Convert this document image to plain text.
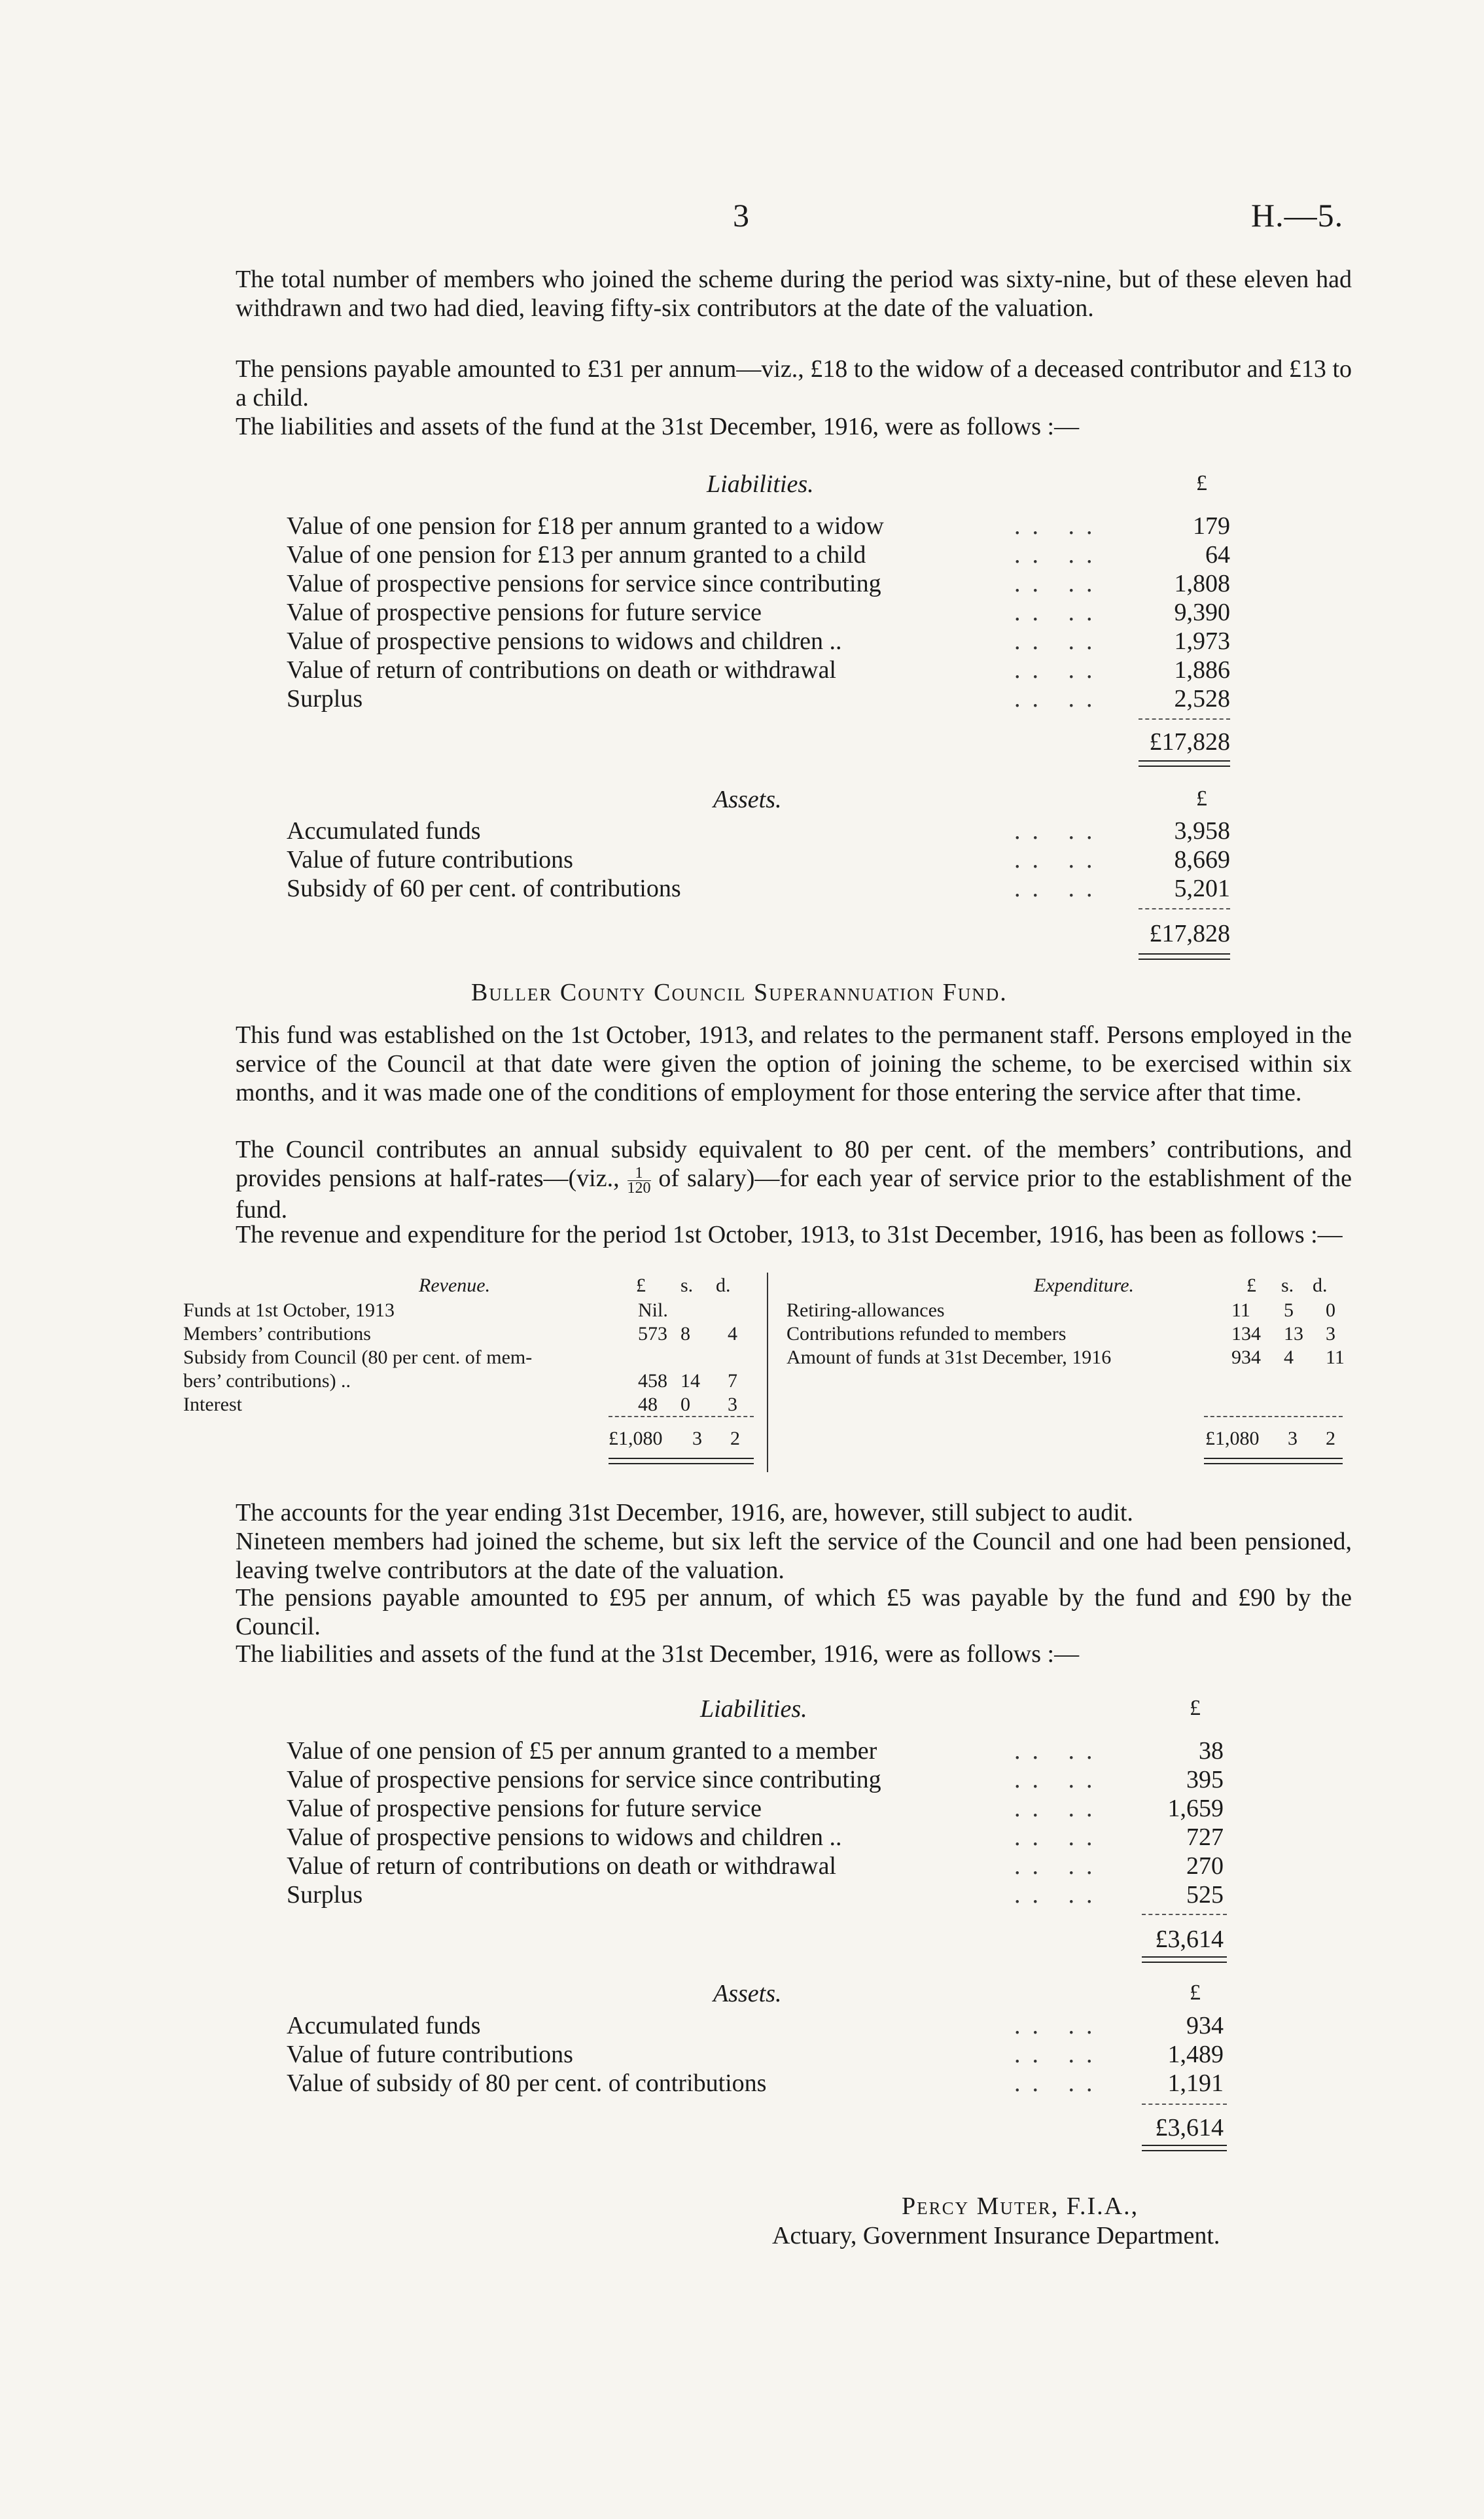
3	H.—5.

The total number of members who joined the scheme during the period was sixty-nine, but of these eleven had withdrawn and two had died, leaving fifty-six contributors at the date of the valuation.

The pensions payable amounted to £31 per annum—viz., £18 to the widow of a deceased contributor and £13 to a child.

The liabilities and assets of the fund at the 31st December, 1916, were as follows :—

Liabilities.	£
Value of one pension for £18 per annum granted to a widow	.. ..	179
Value of one pension for £13 per annum granted to a child	.. ..	64
Value of prospective pensions for service since contributing	.. ..	1,808
Value of prospective pensions for future service	.. ..	9,390
Value of prospective pensions to widows and children ..	.. ..	1,973
Value of return of contributions on death or withdrawal	.. ..	1,886
Surplus	.. ..	2,528
£17,828
Assets.	£
Accumulated funds	.. ..	3,958
Value of future contributions	.. ..	8,669
Subsidy of 60 per cent. of contributions	.. ..	5,201
£17,828
Buller County Council Superannuation Fund.

This fund was established on the 1st October, 1913, and relates to the permanent staff. Persons employed in the service of the Council at that date were given the option of joining the scheme, to be exercised within six months, and it was made one of the conditions of employment for those entering the service after that time.

The Council contributes an annual subsidy equivalent to 80 per cent. of the members’ contributions, and provides pensions at half-rates—(viz., $\frac{1}{120}$ of salary)—for each year of service prior to the establishment of the fund.

The revenue and expenditure for the period 1st October, 1913, to 31st December, 1916, has been as follows :—

Revenue.	£ s. d.	Expenditure.	£ s. d.
Funds at 1st October, 1913	Nil.
Members’ contributions	573 8 4
Subsidy from Council (80 per cent. of mem-
bers’ contributions) ..	458 14 7
Interest	48 0 3
Retiring-allowances	11 5 0
Contributions refunded to members	134 13 3
Amount of funds at 31st December, 1916	934 4 11
£1,080 3 2	£1,080 3 2

The accounts for the year ending 31st December, 1916, are, however, still subject to audit.

Nineteen members had joined the scheme, but six left the service of the Council and one had been pensioned, leaving twelve contributors at the date of the valuation.

The pensions payable amounted to £95 per annum, of which £5 was payable by the fund and £90 by the Council.

The liabilities and assets of the fund at the 31st December, 1916, were as follows :—

Liabilities.	£
Value of one pension of £5 per annum granted to a member	.. ..	38
Value of prospective pensions for service since contributing	.. ..	395
Value of prospective pensions for future service	.. ..	1,659
Value of prospective pensions to widows and children ..	.. ..	727
Value of return of contributions on death or withdrawal	.. ..	270
Surplus	.. ..	525
£3,614
Assets.	£
Accumulated funds	.. ..	934
Value of future contributions	.. ..	1,489
Value of subsidy of 80 per cent. of contributions	.. ..	1,191
£3,614
Percy Muter, F.I.A.,
Actuary, Government Insurance Department.
